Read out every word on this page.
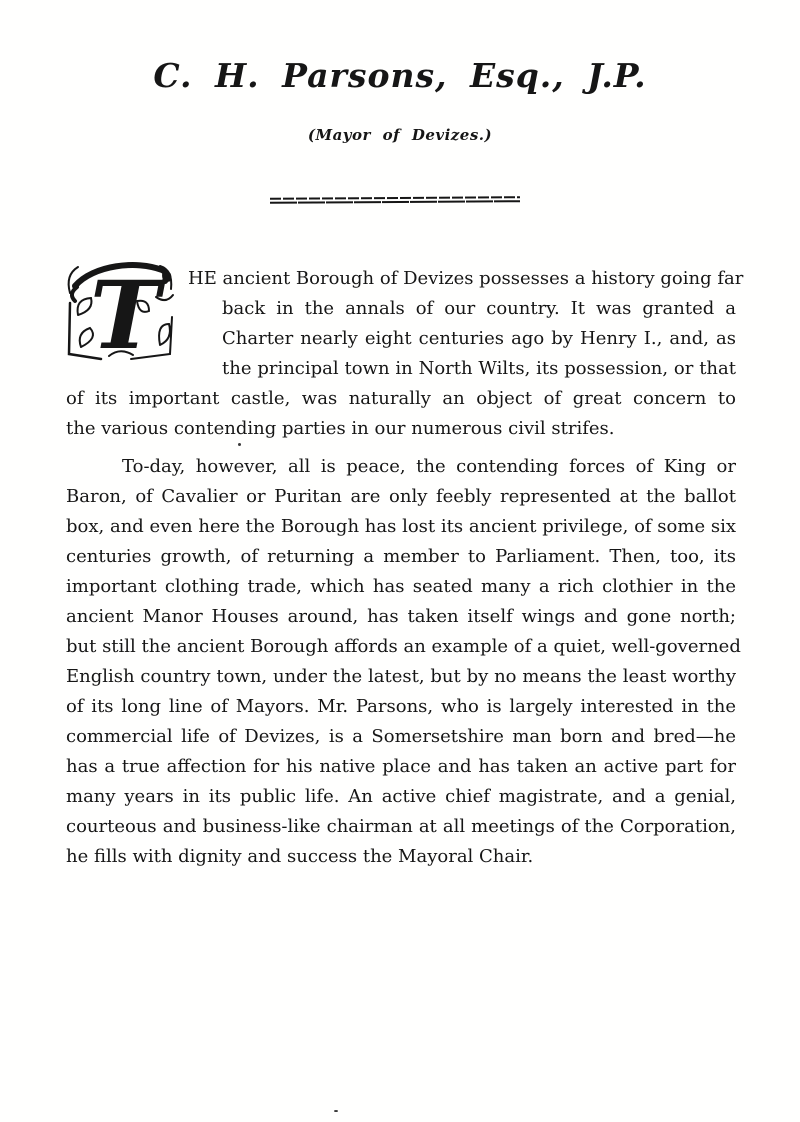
C. H. Parsons, Esq., J.P.
(Mayor of Devizes.)
T	HE ancient Borough of Devizes possesses a history going far
back in the annals of our country. It was granted a
Charter nearly eight centuries ago by Henry I., and, as
the principal town in North Wilts, its possession, or that
of its important castle, was naturally an object of great concern to
the various contending parties in our numerous civil strifes.
To-day, however, all is peace, the contending forces of King or
Baron, of Cavalier or Puritan are only feebly represented at the ballot
box, and even here the Borough has lost its ancient privilege, of some six
centuries growth, of returning a member to Parliament. Then, too, its
important clothing trade, which has seated many a rich clothier in the
ancient Manor Houses around, has taken itself wings and gone north;
but still the ancient Borough affords an example of a quiet, well-governed
English country town, under the latest, but by no means the least worthy
of its long line of Mayors. Mr. Parsons, who is largely interested in the
commercial life of Devizes, is a Somersetshire man born and bred—he
has a true affection for his native place and has taken an active part for
many years in its public life. An active chief magistrate, and a genial,
courteous and business-like chairman at all meetings of the Corporation,
he fills with dignity and success the Mayoral Chair.
